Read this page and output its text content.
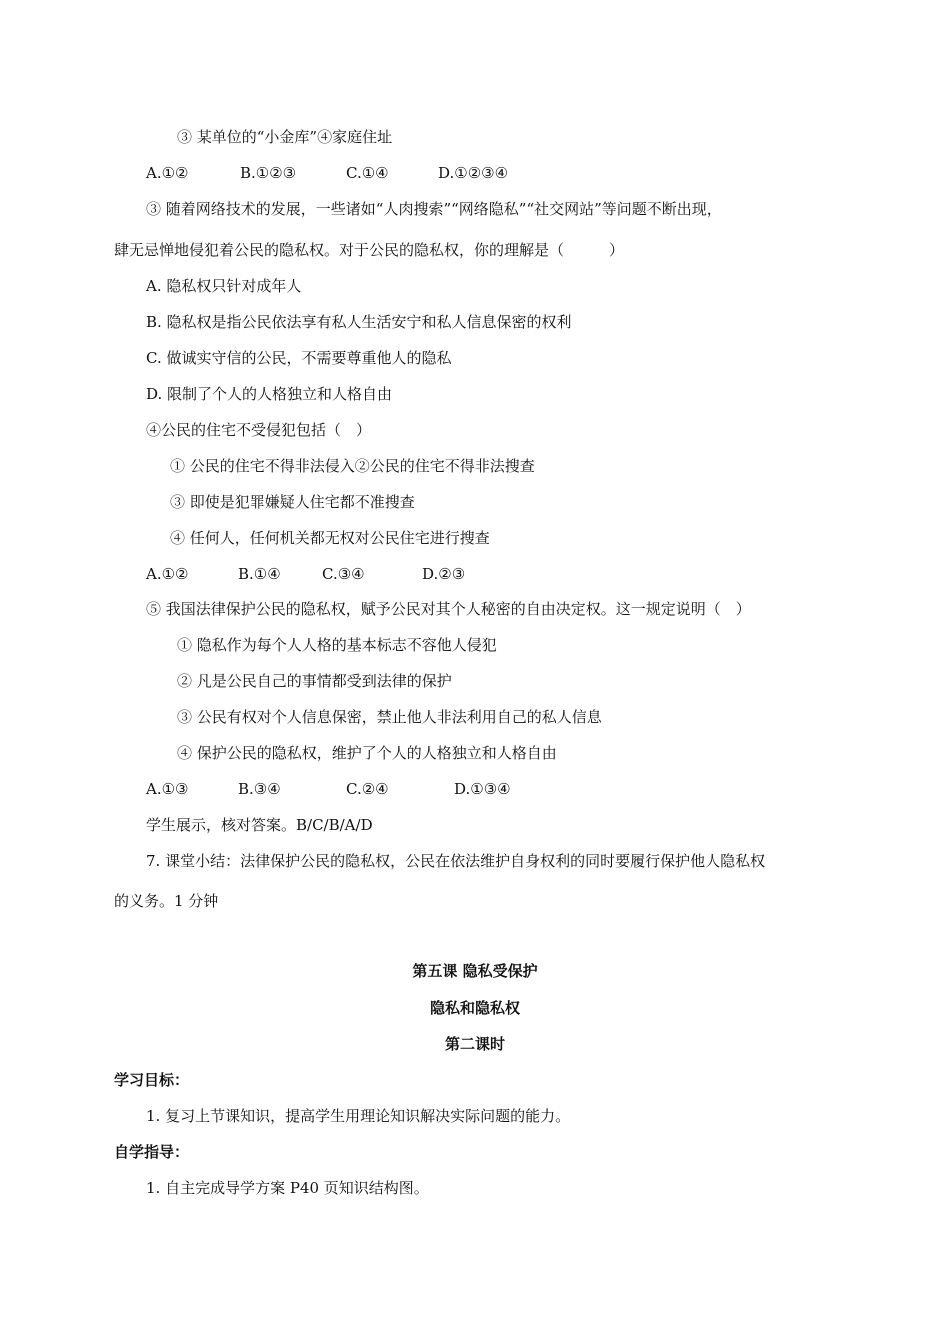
③ 某单位的“小金库”④家庭住址
A.①②	B.①②③	C.①④	D.①②③④
③ 随着网络技术的发展，一些诸如“人肉搜索”“网络隐私”“社交网站”等问题不断出现，
肆无忌惮地侵犯着公民的隐私权。对于公民的隐私权，你的理解是（　　　）
A. 隐私权只针对成年人
B. 隐私权是指公民依法享有私人生活安宁和私人信息保密的权利
C. 做诚实守信的公民，不需要尊重他人的隐私
D. 限制了个人的人格独立和人格自由
④公民的住宅不受侵犯包括（　）
① 公民的住宅不得非法侵入②公民的住宅不得非法搜查
③ 即使是犯罪嫌疑人住宅都不准搜查
④ 任何人，任何机关都无权对公民住宅进行搜查
A.①②	B.①④	C.③④	D.②③
⑤ 我国法律保护公民的隐私权，赋予公民对其个人秘密的自由决定权。这一规定说明（　）
① 隐私作为每个人人格的基本标志不容他人侵犯
② 凡是公民自己的事情都受到法律的保护
③ 公民有权对个人信息保密，禁止他人非法利用自己的私人信息
④ 保护公民的隐私权，维护了个人的人格独立和人格自由
A.①③	B.③④	C.②④	D.①③④
学生展示，核对答案。B/C/B/A/D
7. 课堂小结：法律保护公民的隐私权，公民在依法维护自身权利的同时要履行保护他人隐私权
的义务。1 分钟
第五课 隐私受保护
隐私和隐私权
第二课时
学习目标：
1. 复习上节课知识，提高学生用理论知识解决实际问题的能力。
自学指导：
1. 自主完成导学方案 P40 页知识结构图。
